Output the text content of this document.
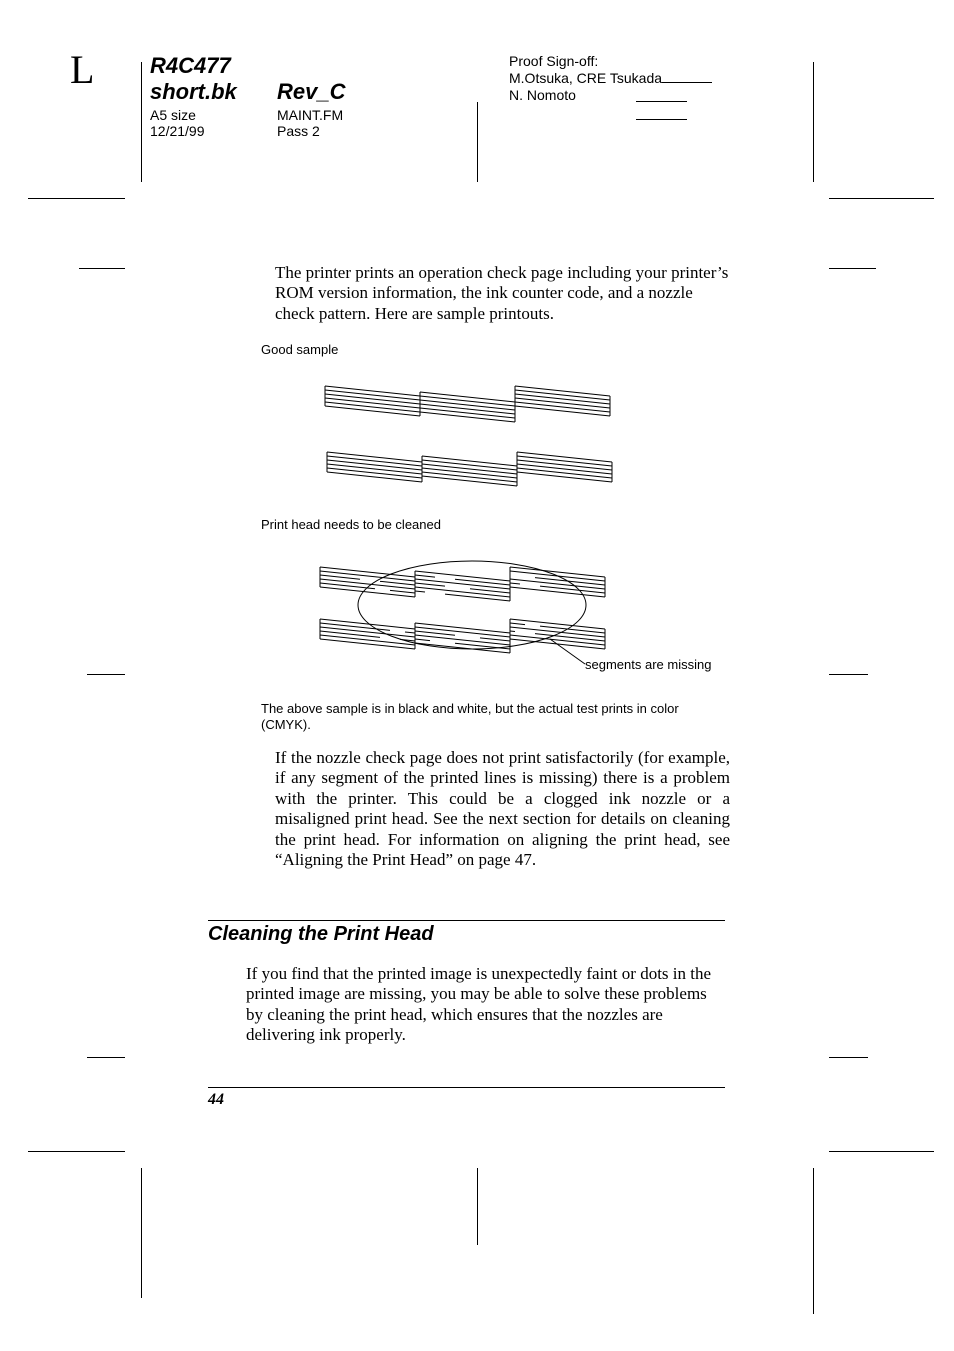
L	R4C477
short.bk Rev_C
A5 size
12/21/99
MAINT.FM
Pass 2
Proof Sign-off:
M.Otsuka, CRE Tsukada
N. Nomoto
The printer prints an operation check page including your printer’s ROM version information, the ink counter code, and a nozzle check pattern. Here are sample printouts.
Good sample
Print head needs to be cleaned
segments are missing
The above sample is in black and white, but the actual test prints in color (CMYK).
If the nozzle check page does not print satisfactorily (for example, if any segment of the printed lines is missing) there is a problem with the printer. This could be a clogged ink nozzle or a misaligned print head. See the next section for details on cleaning the print head. For information on aligning the print head, see “Aligning the Print Head” on page 47.
Cleaning the Print Head
If you find that the printed image is unexpectedly faint or dots in the printed image are missing, you may be able to solve these problems by cleaning the print head, which ensures that the nozzles are delivering ink properly.
44
